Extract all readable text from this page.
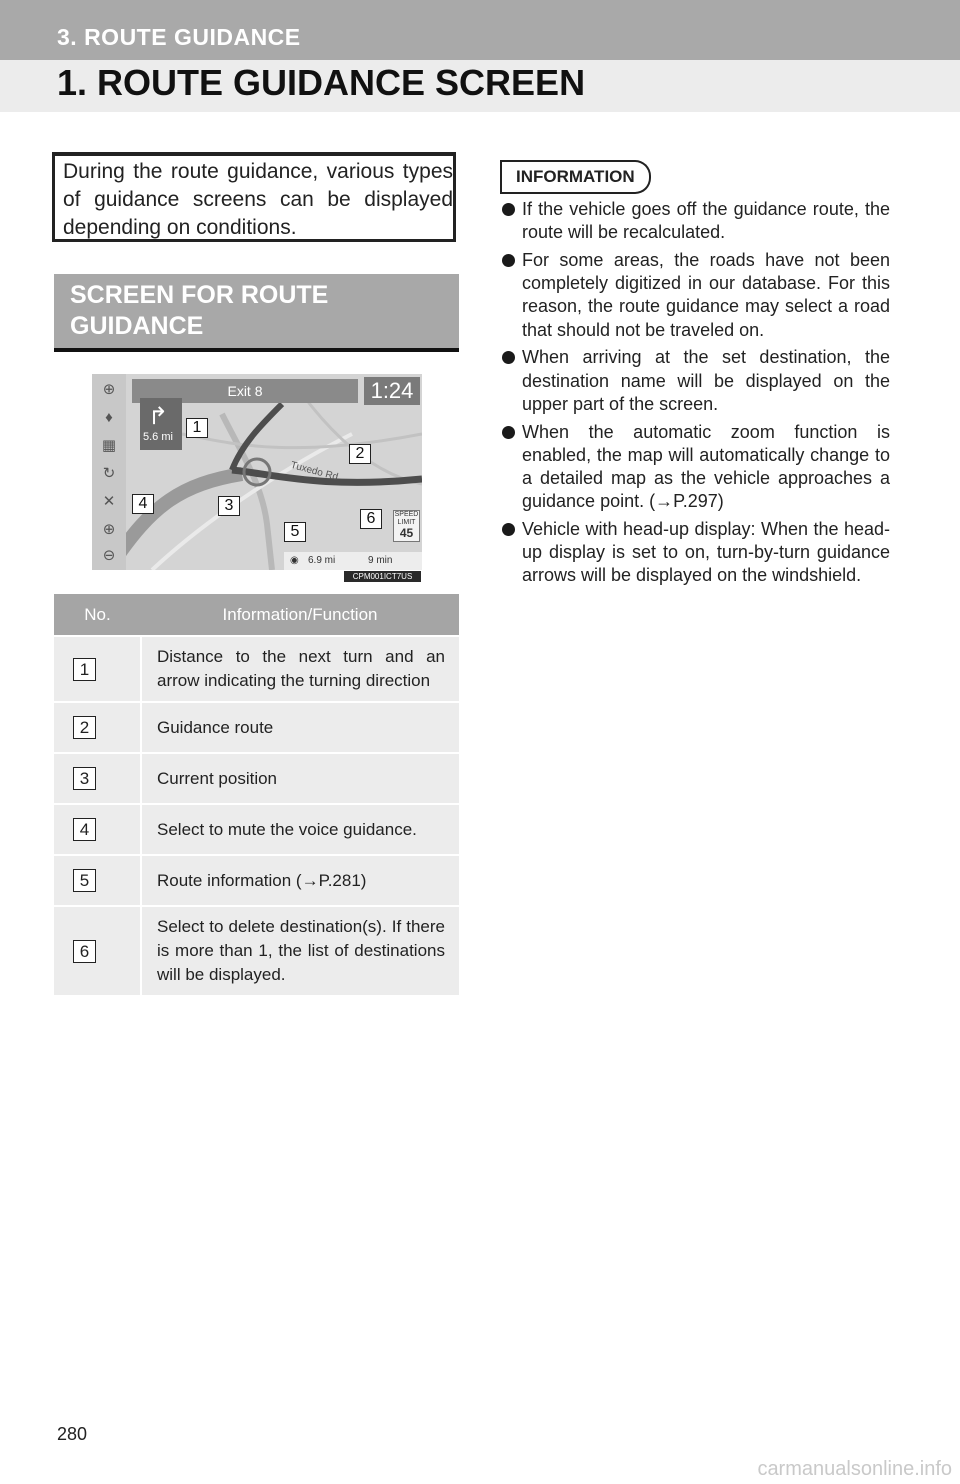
3. ROUTE GUIDANCE
1. ROUTE GUIDANCE SCREEN
During the route guidance, various types of guidance screens can be displayed depending on conditions.
SCREEN FOR ROUTE GUIDANCE
⊕
♦
▦
↻
✕
⊕
⊖
Exit 8	1:24
↱
5.6 mi
Tuxedo Rd
SPEED LIMIT
45
◉ 6.9 mi	9 min
1
2
3
4
5
6
CPM001ICT7US
No.	Information/Function
1	Distance to the next turn and an arrow indicating the turning direction
2	Guidance route
3	Current position
4	Select to mute the voice guidance.
5	Route information (→P.281)
6	Select to delete destination(s). If there is more than 1, the list of destinations will be displayed.
INFORMATION
If the vehicle goes off the guidance route, the route will be recalculated.
For some areas, the roads have not been completely digitized in our database. For this reason, the route guidance may select a road that should not be traveled on.
When arriving at the set destination, the destination name will be displayed on the upper part of the screen.
When the automatic zoom function is enabled, the map will automatically change to a detailed map as the vehicle approaches a guidance point. (→P.297)
Vehicle with head-up display: When the head-up display is set to on, turn-by-turn guidance arrows will be displayed on the windshield.
280
carmanualsonline.info
